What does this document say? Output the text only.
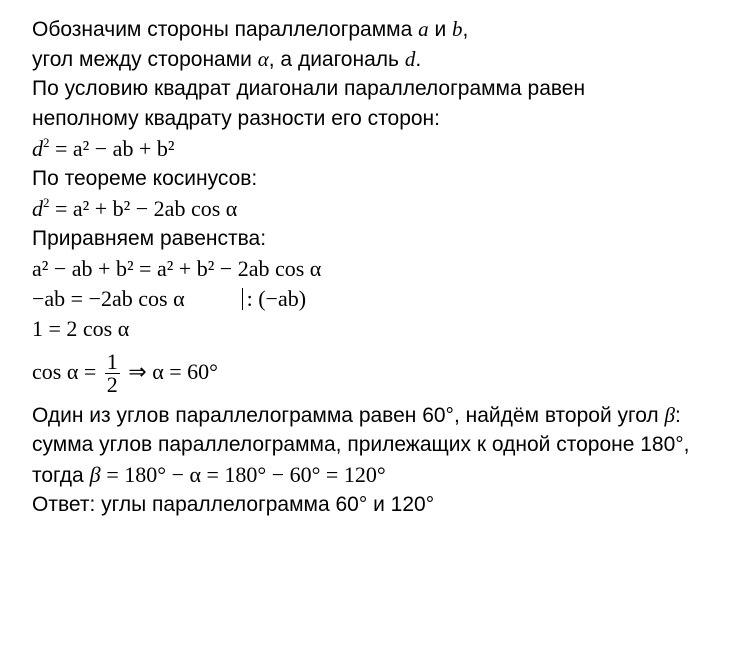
Обозначим стороны параллелограмма a и b,
угол между сторонами α, а диагональ d.
По условию квадрат диагонали параллелограмма равен
неполному квадрату разности его сторон:
$d^2 = a^2$ − ab + b²
По теореме косинусов:
$d^2 = a^2 + b^2 - 2ab$ cos α
Приравняем равенства:
a² − ab + b² = a² + b² − 2ab cos α
−ab = −2ab cos α	: (−ab)
1 = 2 cos α
$\cos \alpha = \frac{1}{2}$ ⇒ α = 60°
Один из углов параллелограмма равен 60°, найдём второй угол β:
сумма углов параллелограмма, прилежащих к одной стороне 180°,
тогда β = 180° − α = 180° − 60° = 120°
Ответ: углы параллелограмма 60° и 120°
